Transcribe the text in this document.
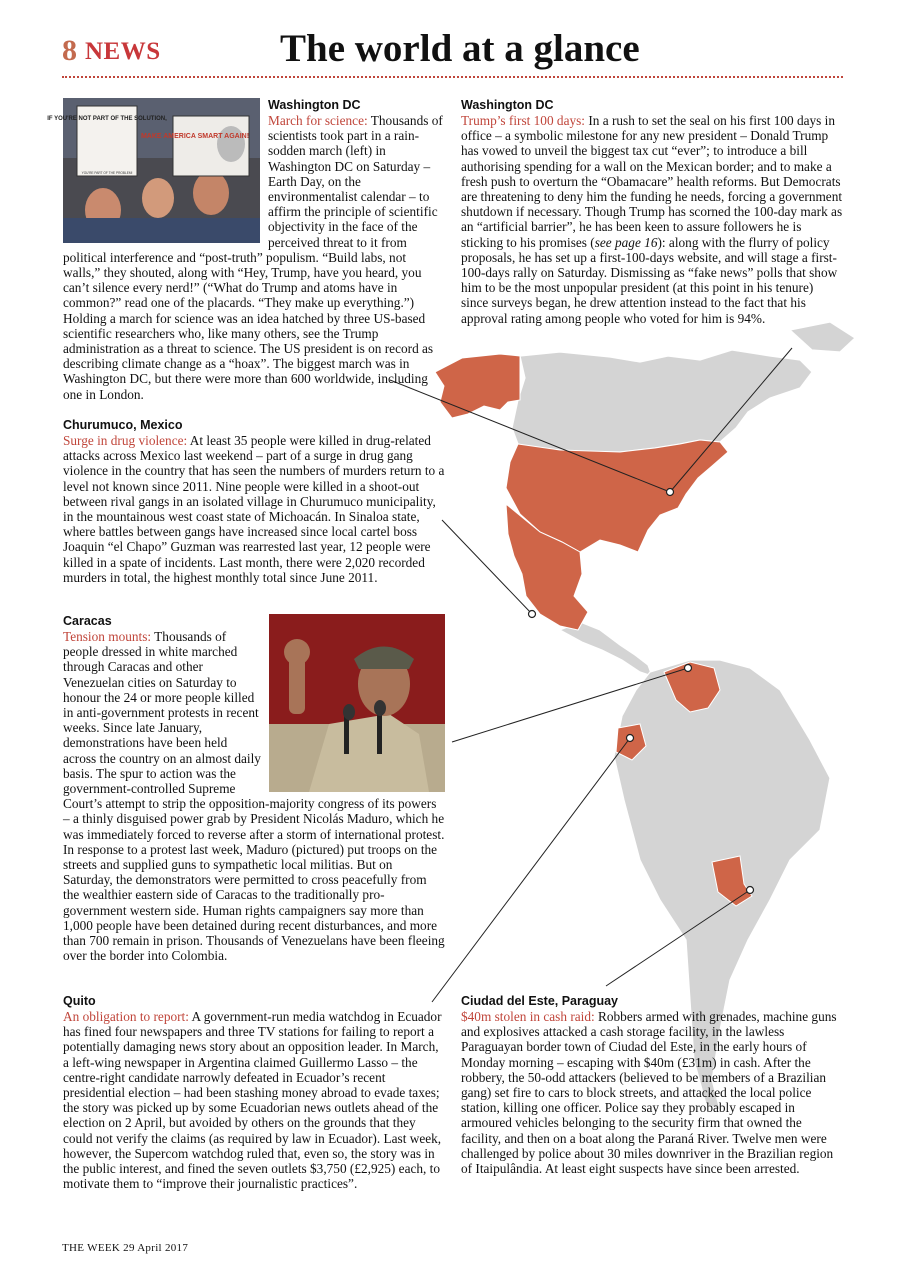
8 NEWS	The world at a glance
IF YOU'RE NOT PART OF THE SOLUTION,
YOU'RE PART OF THE PROBLEM!
MAKE AMERICA SMART AGAIN!
Washington DC

March for science: Thousands of scientists took part in a rain-sodden march (left) in Washington DC on Saturday – Earth Day, on the environmentalist calendar – to affirm the principle of scientific objectivity in the face of the perceived threat to it from political interference and “post-truth” populism. “Build labs, not walls,” they shouted, along with “Hey, Trump, have you heard, you can’t silence every nerd!” (“What do Trump and atoms have in common?” read one of the placards. “They make up everything.”) Holding a march for science was an idea hatched by three US-based scientific researchers who, like many others, see the Trump administration as a threat to science. The US president is on record as describing climate change as a “hoax”. The biggest march was in Washington DC, but there were more than 600 worldwide, including one in London.

Washington DC

Trump’s first 100 days: In a rush to set the seal on his first 100 days in office – a symbolic milestone for any new president – Donald Trump has vowed to unveil the biggest tax cut “ever”; to introduce a bill authorising spending for a wall on the Mexican border; and to make a fresh push to overturn the “Obamacare” health reforms. But Democrats are threatening to deny him the funding he needs, forcing a government shutdown if necessary. Though Trump has scorned the 100-day mark as an “artificial barrier”, he has been keen to assure followers he is sticking to his promises (see page 16): along with the flurry of policy proposals, he has set up a first-100-days website, and will stage a first-100-days rally on Saturday. Dismissing as “fake news” polls that show him to be the most unpopular president (at this point in his tenure) since surveys began, he drew attention instead to the fact that his approval rating among people who voted for him is 94%.

Churumuco, Mexico

Surge in drug violence: At least 35 people were killed in drug-related attacks across Mexico last weekend – part of a surge in drug gang violence in the country that has seen the numbers of murders return to a level not known since 2011. Nine people were killed in a shoot-out between rival gangs in an isolated village in Churumuco municipality, in the mountainous west coast state of Michoacán. In Sinaloa state, where battles between gangs have increased since local cartel boss Joaquin “el Chapo” Guzman was rearrested last year, 12 people were killed in a spate of incidents. Last month, there were 2,020 recorded murders in total, the highest monthly total since June 2011.

Caracas

Tension mounts: Thousands of people dressed in white marched through Caracas and other Venezuelan cities on Saturday to honour the 24 or more people killed in anti-government protests in recent weeks. Since late January, demonstrations have been held across the country on an almost daily basis. The spur to action was the government-controlled Supreme Court’s attempt to strip the opposition-majority congress of its powers – a thinly disguised power grab by President Nicolás Maduro, which he was immediately forced to reverse after a storm of international protest. In response to a protest last week, Maduro (pictured) put troops on the streets and supplied guns to sympathetic local militias. But on Saturday, the demonstrators were permitted to cross peacefully from the wealthier eastern side of Caracas to the traditionally pro-government western side. Human rights campaigners say more than 1,000 people have been detained during recent disturbances, and more than 700 remain in prison. Thousands of Venezuelans have been fleeing over the border into Colombia.

Quito

An obligation to report: A government-run media watchdog in Ecuador has fined four newspapers and three TV stations for failing to report a potentially damaging news story about an opposition leader. In March, a left-wing newspaper in Argentina claimed Guillermo Lasso – the centre-right candidate narrowly defeated in Ecuador’s recent presidential election – had been stashing money abroad to evade taxes; the story was picked up by some Ecuadorian news outlets ahead of the election on 2 April, but avoided by others on the grounds that they could not verify the claims (as required by law in Ecuador). Last week, however, the Supercom watchdog ruled that, even so, the story was in the public interest, and fined the seven outlets $3,750 (£2,925) each, to motivate them to “improve their journalistic practices”.

Ciudad del Este, Paraguay

$40m stolen in cash raid: Robbers armed with grenades, machine guns and explosives attacked a cash storage facility, in the lawless Paraguayan border town of Ciudad del Este, in the early hours of Monday morning – escaping with $40m (£31m) in cash. After the robbery, the 50-odd attackers (believed to be members of a Brazilian gang) set fire to cars to block streets, and attacked the local police station, killing one officer. Police say they probably escaped in armoured vehicles belonging to the security firm that owned the facility, and then on a boat along the Paraná River. Twelve men were challenged by police about 30 miles downriver in the Brazilian region of Itaipulândia. At least eight suspects have since been arrested.

THE WEEK 29 April 2017
